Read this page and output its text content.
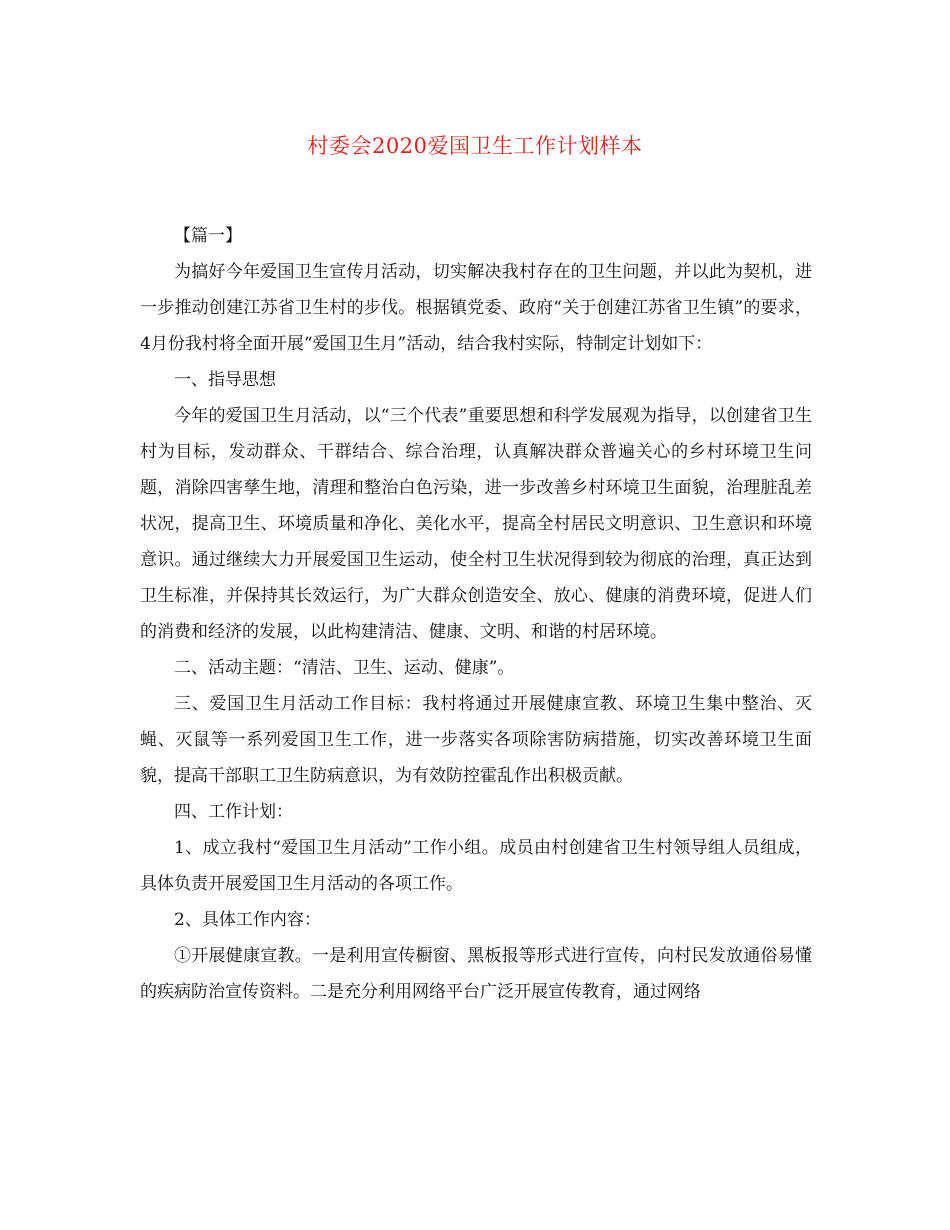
村委会2020爱国卫生工作计划样本

【篇一】

为搞好今年爱国卫生宣传月活动，切实解决我村存在的卫生问题，并以此为契机，进一步推动创建江苏省卫生村的步伐。根据镇党委、政府“关于创建江苏省卫生镇”的要求，4月份我村将全面开展“爱国卫生月”活动，结合我村实际，特制定计划如下：

一、指导思想

今年的爱国卫生月活动，以“三个代表”重要思想和科学发展观为指导，以创建省卫生村为目标，发动群众、干群结合、综合治理，认真解决群众普遍关心的乡村环境卫生问题，消除四害孳生地，清理和整治白色污染，进一步改善乡村环境卫生面貌，治理脏乱差状况，提高卫生、环境质量和净化、美化水平，提高全村居民文明意识、卫生意识和环境意识。通过继续大力开展爱国卫生运动，使全村卫生状况得到较为彻底的治理，真正达到卫生标准，并保持其长效运行，为广大群众创造安全、放心、健康的消费环境，促进人们的消费和经济的发展，以此构建清洁、健康、文明、和谐的村居环境。

二、活动主题：“清洁、卫生、运动、健康”。

三、爱国卫生月活动工作目标：我村将通过开展健康宣教、环境卫生集中整治、灭蝇、灭鼠等一系列爱国卫生工作，进一步落实各项除害防病措施，切实改善环境卫生面貌，提高干部职工卫生防病意识，为有效防控霍乱作出积极贡献。

四、工作计划：

1、成立我村“爱国卫生月活动”工作小组。成员由村创建省卫生村领导组人员组成，具体负责开展爱国卫生月活动的各项工作。

2、具体工作内容：

①开展健康宣教。一是利用宣传橱窗、黑板报等形式进行宣传，向村民发放通俗易懂的疾病防治宣传资料。二是充分利用网络平台广泛开展宣传教育，通过网络
